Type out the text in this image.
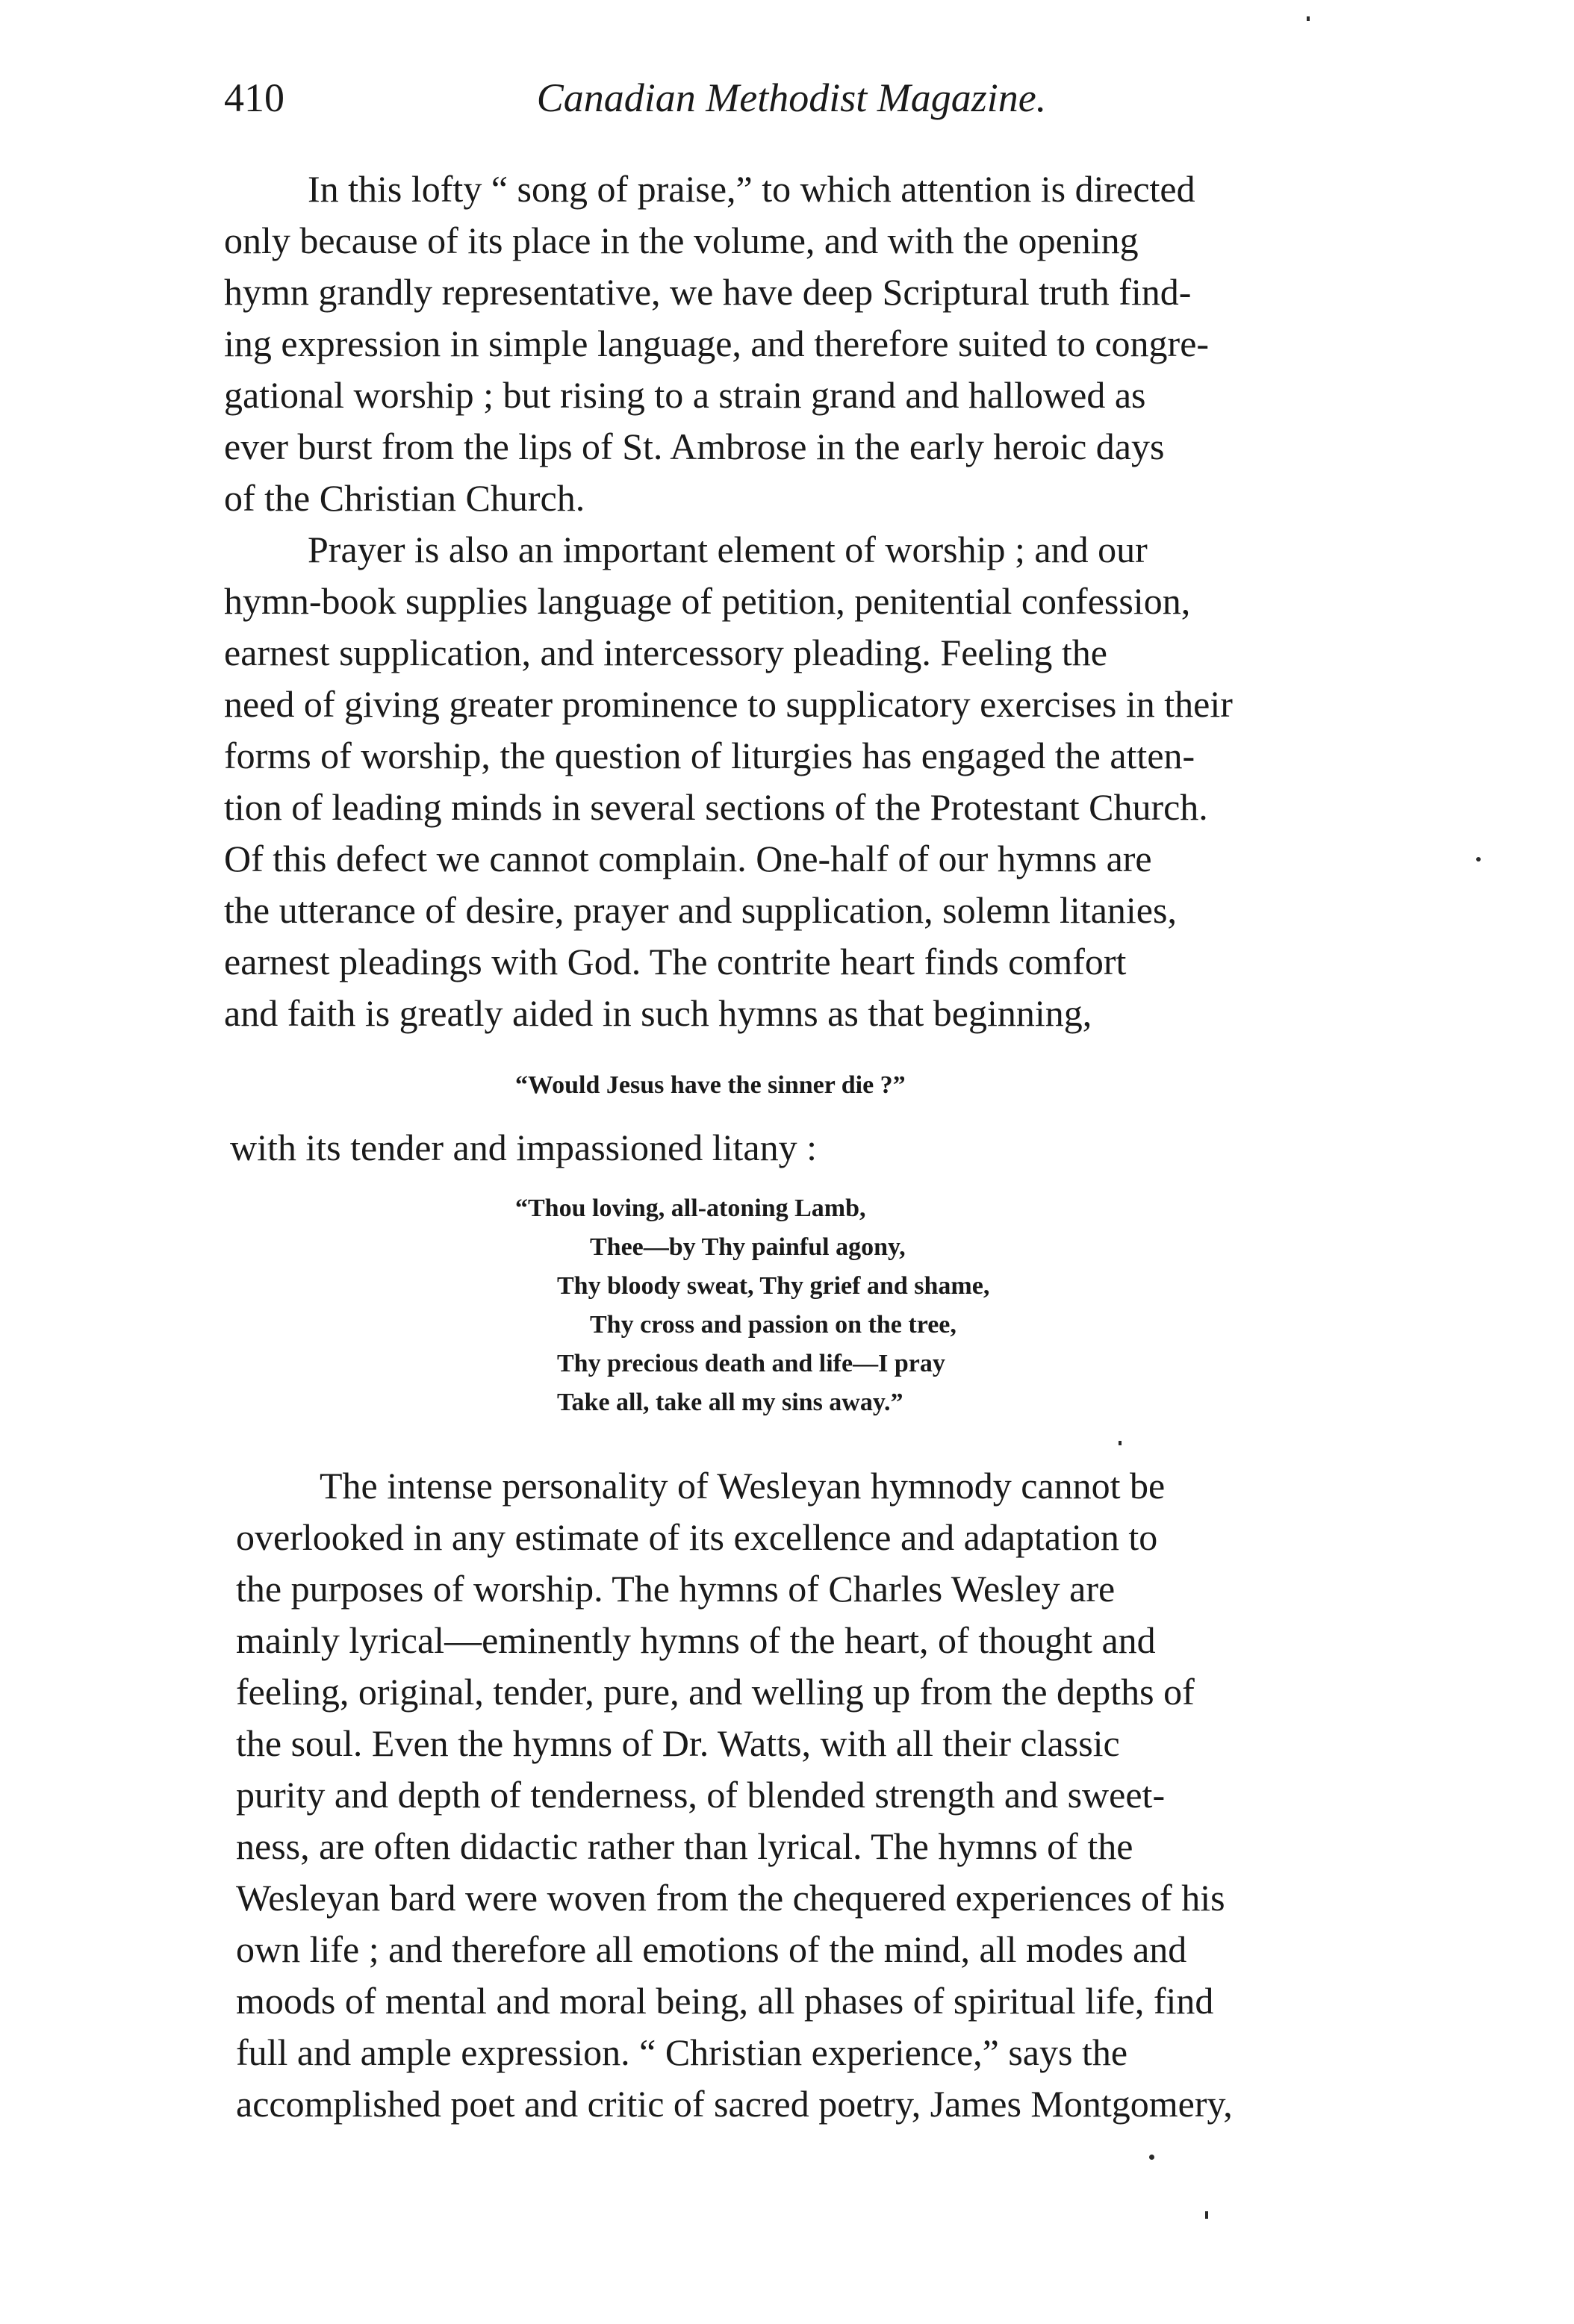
410	Canadian Methodist Magazine.
In this lofty “ song of praise,” to which attention is directed
only because of its place in the volume, and with the opening
hymn grandly representative, we have deep Scriptural truth find-
ing expression in simple language, and therefore suited to congre-
gational worship ; but rising to a strain grand and hallowed as
ever burst from the lips of St. Ambrose in the early heroic days
of the Christian Church.
Prayer is also an important element of worship ; and our
hymn-book supplies language of petition, penitential confession,
earnest supplication, and intercessory pleading. Feeling the
need of giving greater prominence to supplicatory exercises in their
forms of worship, the question of liturgies has engaged the atten-
tion of leading minds in several sections of the Protestant Church.
Of this defect we cannot complain. One-half of our hymns are
the utterance of desire, prayer and supplication, solemn litanies,
earnest pleadings with God. The contrite heart finds comfort
and faith is greatly aided in such hymns as that beginning,
“Would Jesus have the sinner die ?”
with its tender and impassioned litany :
“Thou loving, all-atoning Lamb,
Thee—by Thy painful agony,
Thy bloody sweat, Thy grief and shame,
Thy cross and passion on the tree,
Thy precious death and life—I pray
Take all, take all my sins away.”
The intense personality of Wesleyan hymnody cannot be
overlooked in any estimate of its excellence and adaptation to
the purposes of worship. The hymns of Charles Wesley are
mainly lyrical—eminently hymns of the heart, of thought and
feeling, original, tender, pure, and welling up from the depths of
the soul. Even the hymns of Dr. Watts, with all their classic
purity and depth of tenderness, of blended strength and sweet-
ness, are often didactic rather than lyrical. The hymns of the
Wesleyan bard were woven from the chequered experiences of his
own life ; and therefore all emotions of the mind, all modes and
moods of mental and moral being, all phases of spiritual life, find
full and ample expression. “ Christian experience,” says the
accomplished poet and critic of sacred poetry, James Montgomery,
